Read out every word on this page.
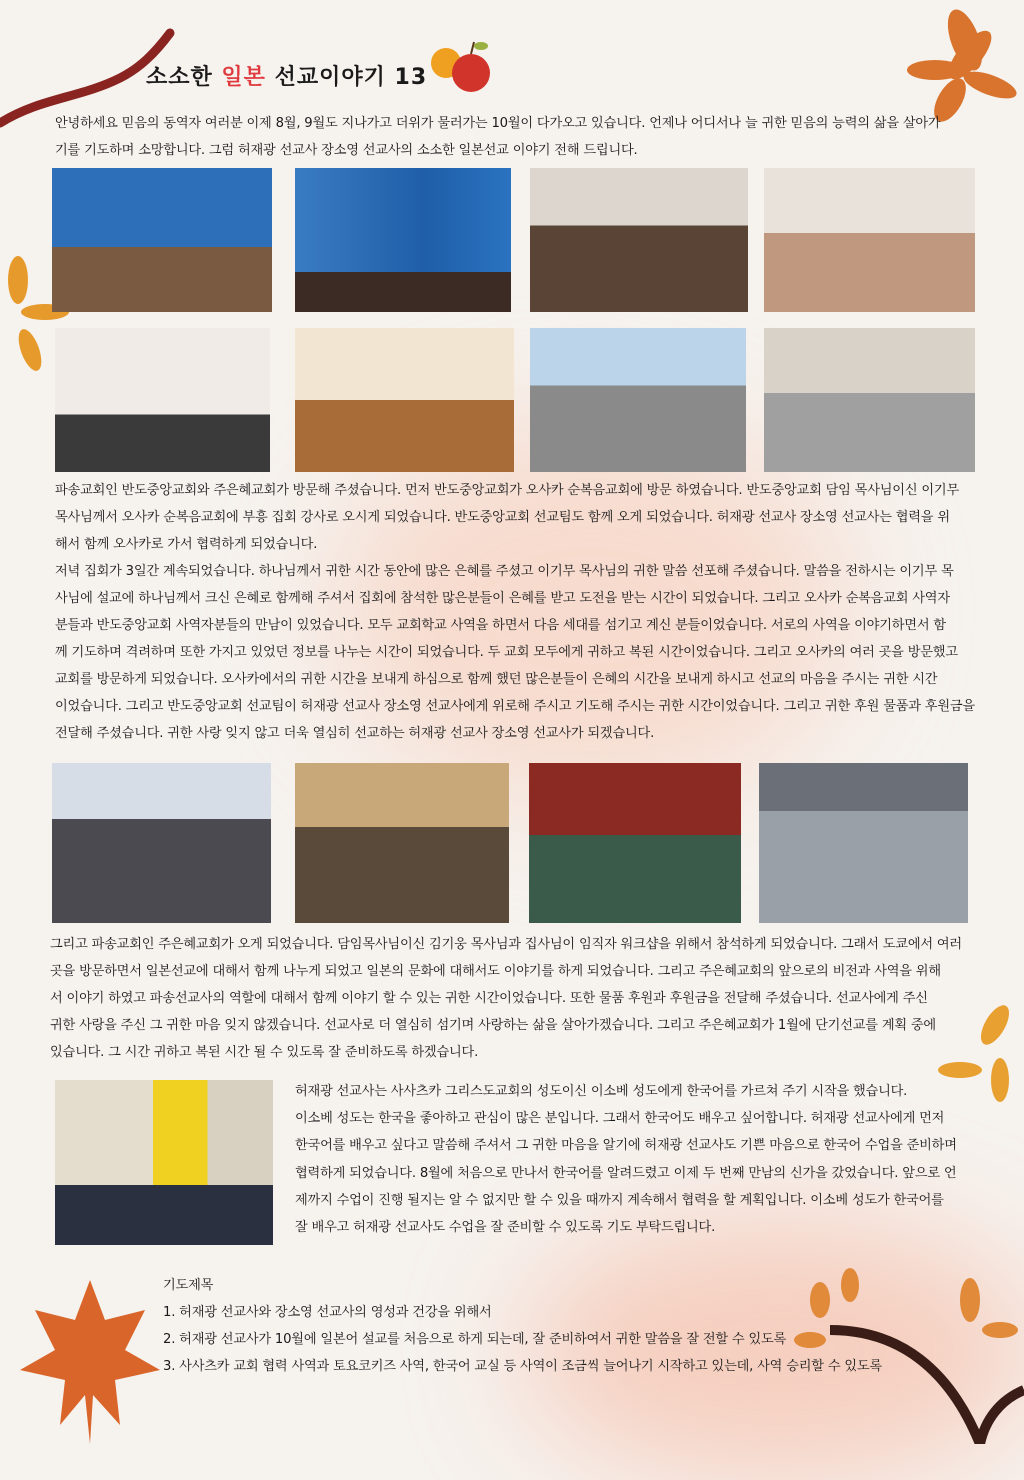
소소한 일본 선교이야기 13
안녕하세요 믿음의 동역자 여러분 이제 8월, 9월도 지나가고 더위가 물러가는 10월이 다가오고 있습니다. 언제나 어디서나 늘 귀한 믿음의 능력의 삶을 살아가
기를 기도하며 소망합니다. 그럼 허재광 선교사 장소영 선교사의 소소한 일본선교 이야기 전해 드립니다.
파송교회인 반도중앙교회와 주은혜교회가 방문해 주셨습니다. 먼저 반도중앙교회가 오사카 순복음교회에 방문 하였습니다. 반도중앙교회 담임 목사님이신 이기무
목사님께서 오사카 순복음교회에 부흥 집회 강사로 오시게 되었습니다. 반도중앙교회 선교팀도 함께 오게 되었습니다. 허재광 선교사 장소영 선교사는 협력을 위
해서 함께 오사카로 가서 협력하게 되었습니다.
저녁 집회가 3일간 계속되었습니다. 하나님께서 귀한 시간 동안에 많은 은혜를 주셨고 이기무 목사님의 귀한 말씀 선포해 주셨습니다. 말씀을 전하시는 이기무 목
사님에 설교에 하나님께서 크신 은혜로 함께해 주셔서 집회에 참석한 많은분들이 은혜를 받고 도전을 받는 시간이 되었습니다. 그리고 오사카 순복음교회 사역자
분들과 반도중앙교회 사역자분들의 만남이 있었습니다. 모두 교회학교 사역을 하면서 다음 세대를 섬기고 계신 분들이었습니다. 서로의 사역을 이야기하면서 함
께 기도하며 격려하며 또한 가지고 있었던 정보를 나누는 시간이 되었습니다. 두 교회 모두에게 귀하고 복된 시간이었습니다. 그리고 오사카의 여러 곳을 방문했고
교회를 방문하게 되었습니다. 오사카에서의 귀한 시간을 보내게 하심으로 함께 했던 많은분들이 은혜의 시간을 보내게 하시고 선교의 마음을 주시는 귀한 시간
이었습니다. 그리고 반도중앙교회 선교팀이 허재광 선교사 장소영 선교사에게 위로해 주시고 기도해 주시는 귀한 시간이었습니다. 그리고 귀한 후원 물품과 후원금을
전달해 주셨습니다. 귀한 사랑 잊지 않고 더욱 열심히 선교하는 허재광 선교사 장소영 선교사가 되겠습니다.
그리고 파송교회인 주은혜교회가 오게 되었습니다. 담임목사님이신 김기웅 목사님과 집사님이 임직자 워크샵을 위해서 참석하게 되었습니다. 그래서 도쿄에서 여러
곳을 방문하면서 일본선교에 대해서 함께 나누게 되었고 일본의 문화에 대해서도 이야기를 하게 되었습니다. 그리고 주은혜교회의 앞으로의 비전과 사역을 위해
서 이야기 하였고 파송선교사의 역할에 대해서 함께 이야기 할 수 있는 귀한 시간이었습니다. 또한 물품 후원과 후원금을 전달해 주셨습니다. 선교사에게 주신
귀한 사랑을 주신 그 귀한 마음 잊지 않겠습니다. 선교사로 더 열심히 섬기며 사랑하는 삶을 살아가겠습니다. 그리고 주은혜교회가 1월에 단기선교를 계획 중에
있습니다. 그 시간 귀하고 복된 시간 될 수 있도록 잘 준비하도록 하겠습니다.
허재광 선교사는 사사츠카 그리스도교회의 성도이신 이소베 성도에게 한국어를 가르쳐 주기 시작을 했습니다.
이소베 성도는 한국을 좋아하고 관심이 많은 분입니다. 그래서 한국어도 배우고 싶어합니다. 허재광 선교사에게 먼저
한국어를 배우고 싶다고 말씀해 주셔서 그 귀한 마음을 알기에 허재광 선교사도 기쁜 마음으로 한국어 수업을 준비하며
협력하게 되었습니다. 8월에 처음으로 만나서 한국어를 알려드렸고 이제 두 번째 만남의 신가을 갔었습니다. 앞으로 언
제까지 수업이 진행 될지는 알 수 없지만 할 수 있을 때까지 계속해서 협력을 할 계획입니다. 이소베 성도가 한국어를
잘 배우고 허재광 선교사도 수업을 잘 준비할 수 있도록 기도 부탁드립니다.
기도제목
1. 허재광 선교사와 장소영 선교사의 영성과 건강을 위해서
2. 허재광 선교사가 10월에 일본어 설교를 처음으로 하게 되는데, 잘 준비하여서 귀한 말씀을 잘 전할 수 있도록
3. 사사츠카 교회 협력 사역과 토요코키즈 사역, 한국어 교실 등 사역이 조금씩 늘어나기 시작하고 있는데, 사역 승리할 수 있도록
